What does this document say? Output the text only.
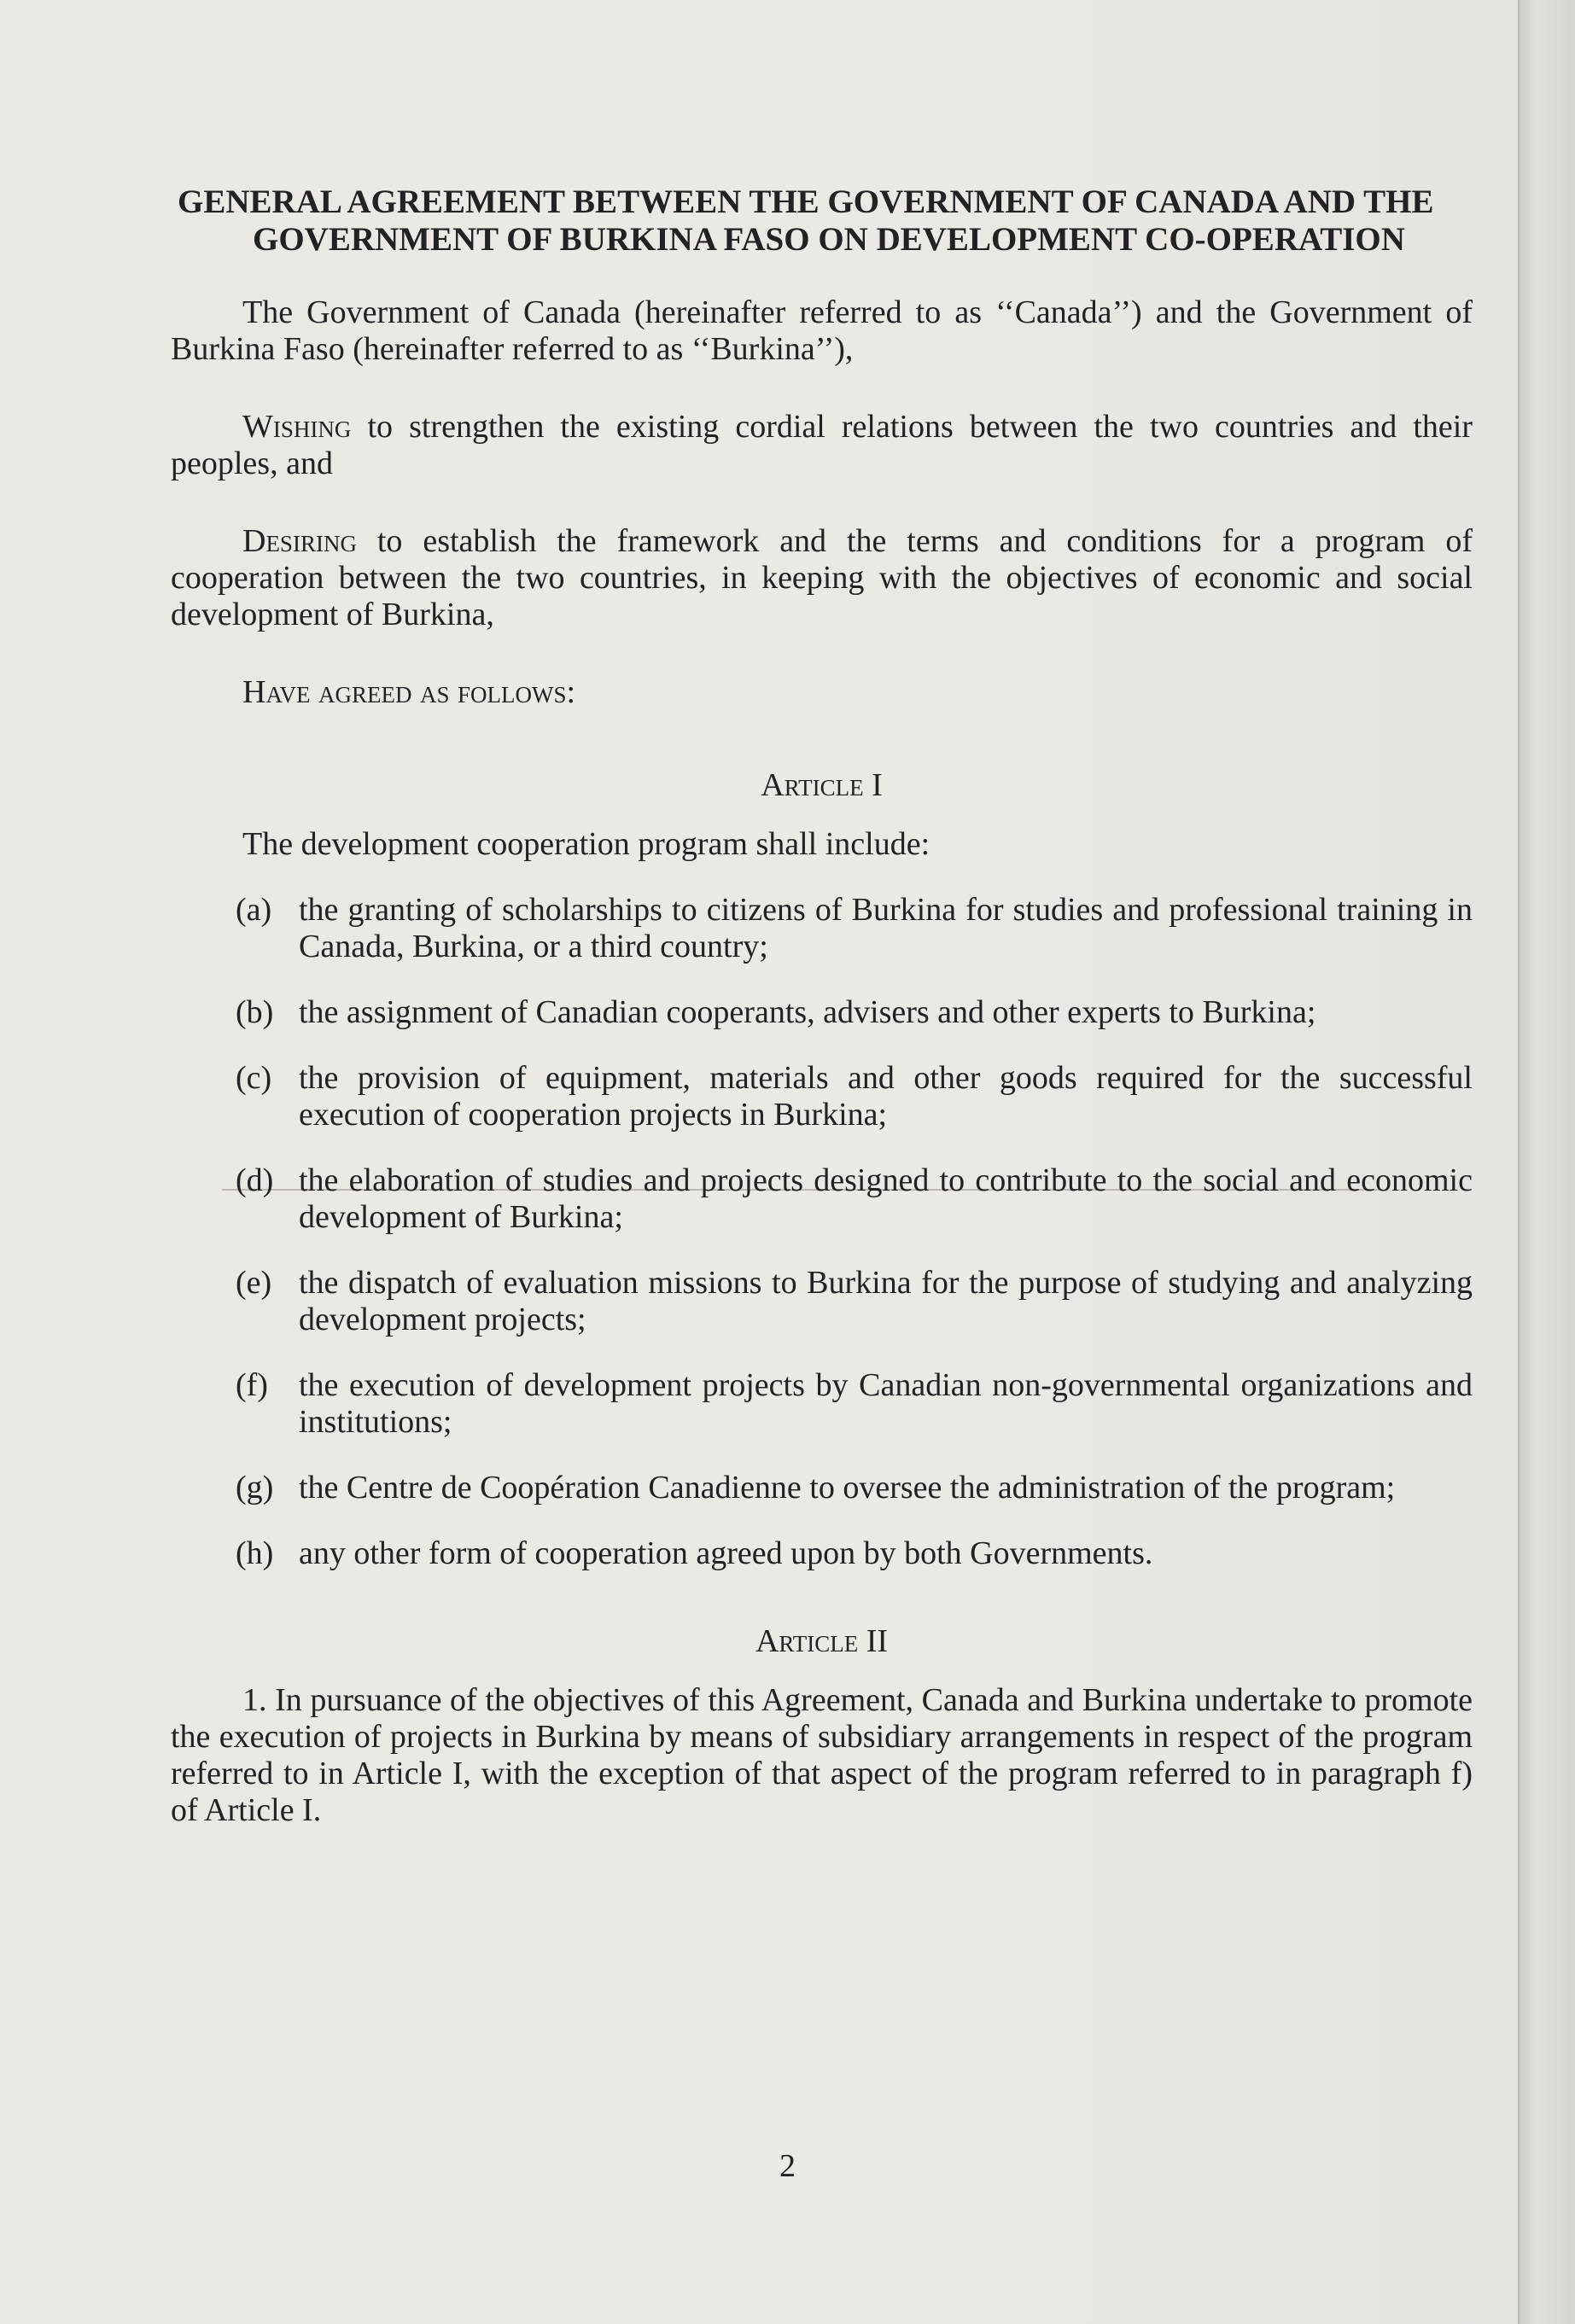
GENERAL AGREEMENT BETWEEN THE GOVERNMENT OF CANADA AND THE GOVERNMENT OF BURKINA FASO ON DEVELOPMENT CO-OPERATION

The Government of Canada (hereinafter referred to as ‘‘Canada’’) and the Government of Burkina Faso (hereinafter referred to as ‘‘Burkina’’),

Wishing to strengthen the existing cordial relations between the two countries and their peoples, and

Desiring to establish the framework and the terms and conditions for a program of cooperation between the two countries, in keeping with the objectives of economic and social development of Burkina,

Have agreed as follows:

Article I

The development cooperation program shall include:

(a) the granting of scholarships to citizens of Burkina for studies and professional training in Canada, Burkina, or a third country;

(b) the assignment of Canadian cooperants, advisers and other experts to Burkina;

(c) the provision of equipment, materials and other goods required for the successful execution of cooperation projects in Burkina;

(d) the elaboration of studies and projects designed to contribute to the social and economic development of Burkina;

(e) the dispatch of evaluation missions to Burkina for the purpose of studying and analyzing development projects;

(f) the execution of development projects by Canadian non-governmental organizations and institutions;

(g) the Centre de Coopération Canadienne to oversee the administration of the program;

(h) any other form of cooperation agreed upon by both Governments.

Article II

1. In pursuance of the objectives of this Agreement, Canada and Burkina undertake to promote the execution of projects in Burkina by means of subsidiary arrangements in respect of the program referred to in Article I, with the exception of that aspect of the program referred to in paragraph f) of Article I.

2
